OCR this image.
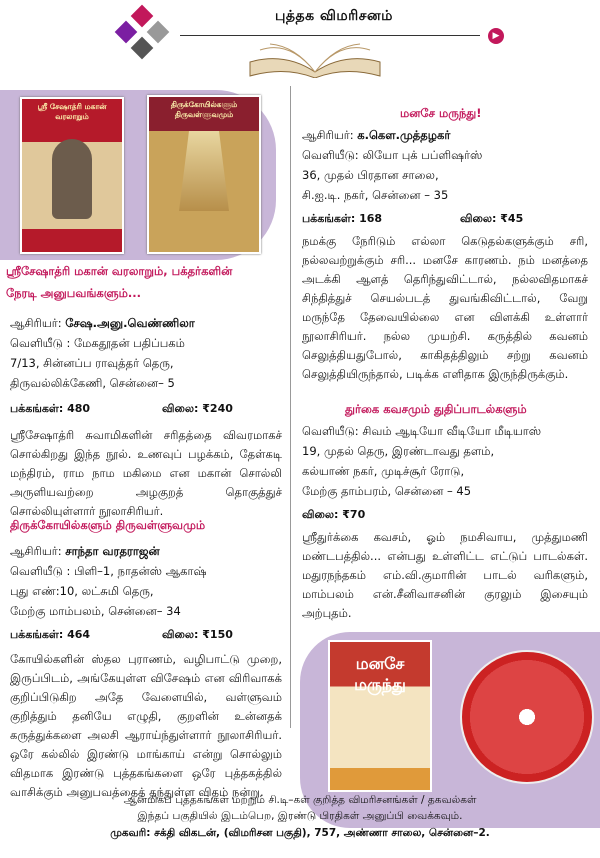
புத்தக விமரிசனம்
▶
ஸ்ரீ சேஷாத்ரி மகான் வரலாறும்
திருக்கோயில்களும் திருவள்ளுவமும்
ஸ்ரீசேஷாத்ரி மகான் வரலாறும், பக்தர்களின்
நேரடி அனுபவங்களும்...
ஆசிரியர்: சேஷ.அனு.வெண்ணிலா
வெளியீடு : மேகதூதன் பதிப்பகம்
7/13, சின்னப்ப ராவுத்தர் தெரு,
திருவல்லிக்கேணி, சென்னை– 5
பக்கங்கள்: 480	விலை: ₹240
ஸ்ரீசேஷாத்ரி சுவாமிகளின் சரிதத்தை விவரமாகச் சொல்கிறது இந்த நூல். உணவுப் பழக்கம், தேள்கடி மந்திரம், ராம நாம மகிமை என மகான் சொல்லி அருளியவற்றை அழகுறத் தொகுத்துச் சொல்லியுள்ளார் நூலாசிரியர்.
திருக்கோயில்களும் திருவள்ளுவமும்
ஆசிரியர்: சாந்தா வரதராஜன்
வெளியீடு : பிளி–1, நாதன்ஸ் ஆகாஷ்
புது எண்:10, லட்சுமி தெரு,
மேற்கு மாம்பலம், சென்னை– 34
பக்கங்கள்: 464	விலை: ₹150
கோயில்களின் ஸ்தல புராணம், வழிபாட்டு முறை, இருப்பிடம், அங்கேயுள்ள விசேஷம் என விரிவாகக் குறிப்பிடுகிற அதே வேளையில், வள்ளுவம் குறித்தும் தனியே எழுதி, குறளின் உன்னதக் கருத்துக்களை அலசி ஆராய்ந்துள்ளார் நூலாசிரியர். ஒரே கல்லில் இரண்டு மாங்காய் என்று சொல்லும் விதமாக இரண்டு புத்தகங்களை ஒரே புத்தகத்தில் வாசிக்கும் அனுபவத்தைத் தந்துள்ள விதம் நன்று.
மனசே மருந்து!
ஆசிரியர்: க.கௌ.முத்தழகர்
வெளியீடு: லியோ புக் பப்ளிஷர்ஸ்
36, முதல் பிரதான சாலை,
சி.ஐ.டி. நகர், சென்னை – 35
பக்கங்கள்: 168	விலை: ₹45
நமக்கு நேரிடும் எல்லா கெடுதல்களுக்கும் சரி, நல்லவற்றுக்கும் சரி... மனசே காரணம். நம் மனத்தை அடக்கி ஆளத் தெரிந்துவிட்டால், நல்லவிதமாகச் சிந்தித்துச் செயல்படத் துவங்கிவிட்டால், வேறு மருந்தே தேவையில்லை என விளக்கி உள்ளார் நூலாசிரியர். நல்ல முயற்சி. கருத்தில் கவனம் செலுத்தியதுபோல், காகிதத்திலும் சற்று கவனம் செலுத்தியிருந்தால், படிக்க எளிதாக இருந்திருக்கும்.
துர்கை கவசமும் துதிப்பாடல்களும்
வெளியீடு: சிவம் ஆடியோ வீடியோ மீடியாஸ்
19, முதல் தெரு, இரண்டாவது தளம்,
கல்யாண் நகர், முடிச்சூர் ரோடு,
மேற்கு தாம்பரம், சென்னை – 45
விலை: ₹70
ஸ்ரீதுர்க்கை கவசம், ஓம் நமசிவாய, முத்துமணி மண்டபத்தில்... என்பது உள்ளிட்ட எட்டுப் பாடல்கள். மதுரநந்தகம் எம்.வி.குமாரின் பாடல் வரிகளும், மாம்பலம் என்.சீனிவாசனின் குரலும் இசையும் அற்புதம்.
மனசே மருந்து
ஆன்மிகப் புத்தகங்கள் மற்றும் சி.டி–கள் குறித்த விமரிசனங்கள் / தகவல்கள்
இந்தப் பகுதியில் இடம்பெற, இரண்டு பிரதிகள் அனுப்பி வைக்கவும்.
முகவரி: சக்தி விகடன், (விமரிசன பகுதி), 757, அண்ணா சாலை, சென்னை–2.
